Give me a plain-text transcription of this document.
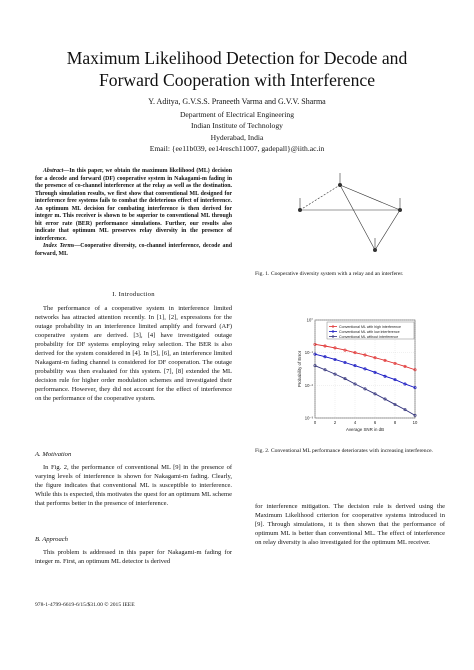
Maximum Likelihood Detection for Decode and
Forward Cooperation with Interference
Y. Aditya, G.V.S.S. Praneeth Varma and G.V.V. Sharma
Department of Electrical Engineering
Indian Institute of Technology
Hyderabad, India
Email: {ee11b039, ee14resch11007, gadepall}@iith.ac.in

Abstract—In this paper, we obtain the maximum likelihood (ML) decision for a decode and forward (DF) cooperative system in Nakagami-m fading in the presence of co-channel interference at the relay as well as the destination. Through simulation results, we first show that conventional ML designed for interference free systems fails to combat the deleterious effect of interference. An optimum ML decision for combating interference is then derived for integer m. This receiver is shown to be superior to conventional ML through bit error rate (BER) performance simulations. Further, our results also indicate that optimum ML preserves relay diversity in the presence of interference.

Index Terms—Cooperative diversity, co-channel interference, decode and forward, ML

I. Introduction

The performance of a cooperative system in interference limited networks has attracted attention recently. In [1], [2], expressions for the outage probability in an interference limited amplify and forward (AF) cooperative system are derived. [3], [4] have investigated outage probability for DF systems employing relay selection. The BER is also derived for the system considered in [4]. In [5], [6], an interference limited Nakagami-m fading channel is considered for DF cooperation. The outage probability was then evaluated for this system. [7], [8] extended the ML decision rule for higher order modulation schemes and investigated their performance. However, they did not account for the effect of interference on the performance of the cooperative system.

A. Motivation

In Fig. 2, the performance of conventional ML [9] in the presence of varying levels of interference is shown for Nakagami-m fading. Clearly, the figure indicates that conventional ML is susceptible to interference. While this is expected, this motivates the quest for an optimum ML scheme that performs better in the presence of interference.

B. Approach

This problem is addressed in this paper for Nakagami-m fading for integer m. First, an optimum ML detector is derived

Fig. 1. Cooperative diversity system with a relay and an interferer.
0	2	4	6	8	10
10°
10⁻¹
10⁻²
10⁻³
Average SNR in dB
Probability of Error
Conventional ML with high interference
Conventional ML with low interference
Conventional ML without interference
Fig. 2. Conventional ML performance deteriorates with increasing interference.

for interference mitigation. The decision rule is derived using the Maximum Likelihood criterion for cooperative systems introduced in [9]. Through simulations, it is then shown that the performance of optimum ML is better than conventional ML. The effect of interference on relay diversity is also investigated for the optimum ML receiver.

978-1-4799-6619-6/15/$31.00 © 2015 IEEE
